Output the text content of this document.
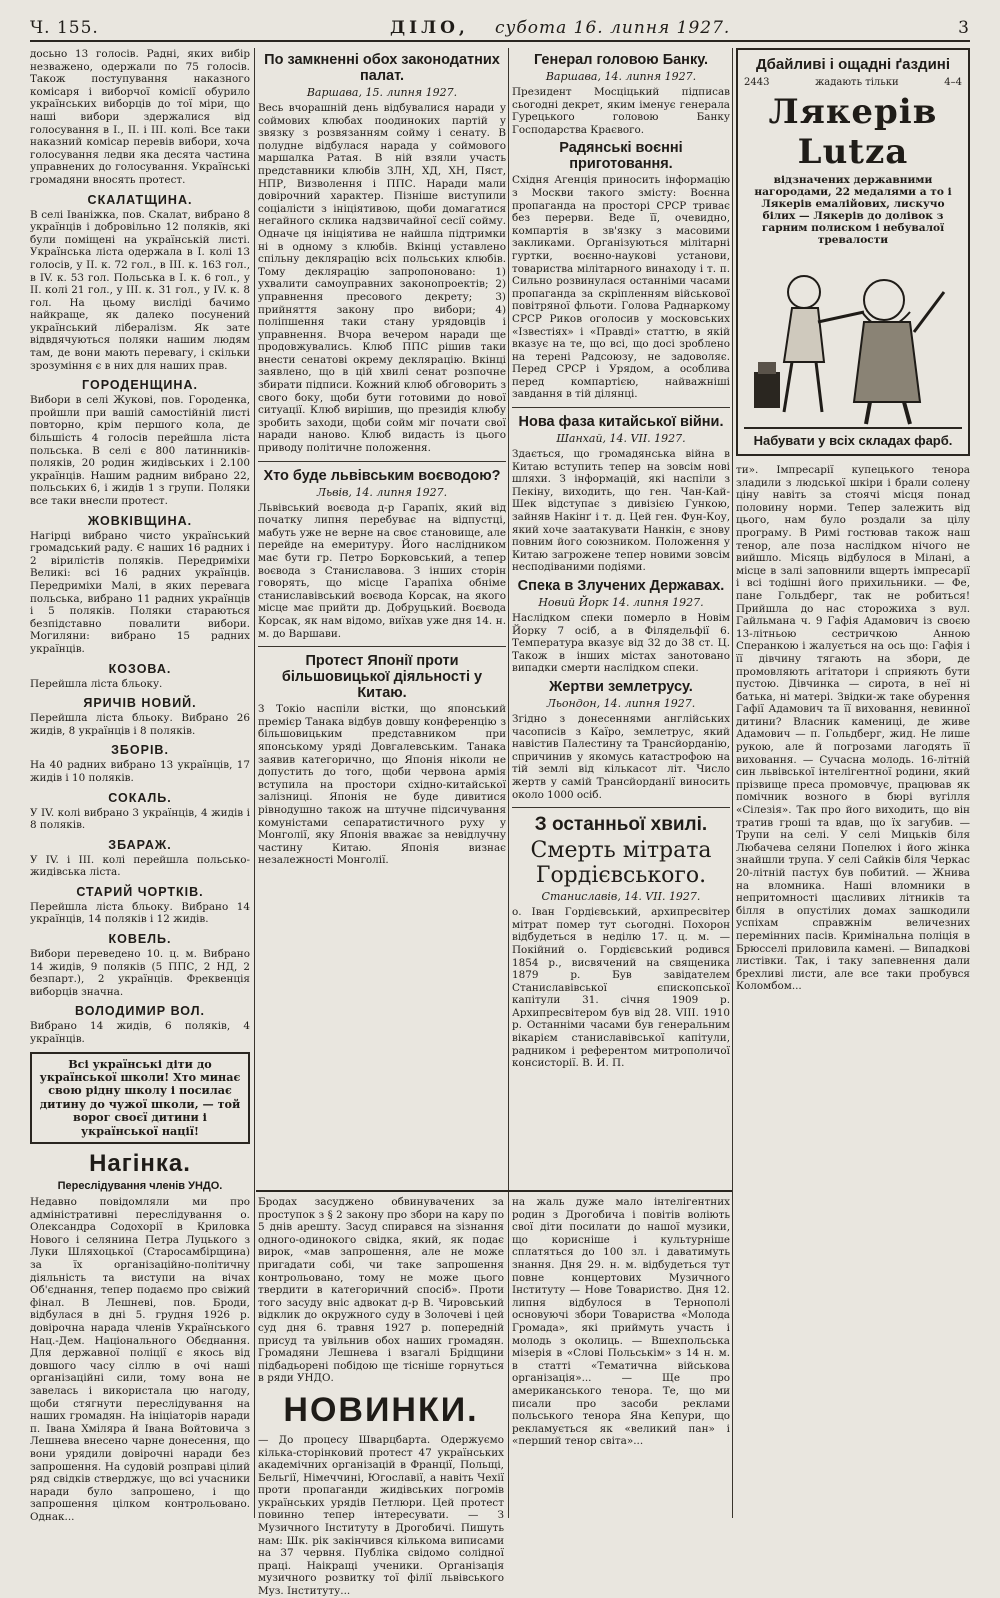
Ч. 155.	ДІЛО, субота 16. липня 1927.	3

досьно 13 голосів. Радні, яких вибір незважено, одержали по 75 голосів. Також поступування наказного комісаря і виборчої комісії обурило українських виборців до тої міри, що наші вибори здержалися від голосування в I., II. і III. колі. Все таки наказний комісар перевів вибори, хоча голосування ледви яка десята частина управнених до голосування. Українські громадяни вносять протест.

СКАЛАТЩИНА.

В селі Іваніжка, пов. Скалат, вибрано 8 українців і добровільно 12 поляків, які були поміщені на українській листі. Українська ліста одержала в I. колі 13 голосів, у II. к. 72 гол., в III. к. 163 гол., в IV. к. 53 гол. Польська в I. к. 6 гол., у II. колі 21 гол., у III. к. 31 гол., у IV. к. 8 гол. На цьому висліді бачимо найкраще, як далеко посунений український лібералізм. Як зате відвдячуються поляки нашим людям там, де вони мають перевагу, і скільки зрозуміння є в них для наших прав.

ГОРОДЕНЩИНА.

Вибори в селі Жукові, пов. Городенка, пройшли при вашій самостійній листі повторно, крім першого кола, де більшість 4 голосів перейшла ліста польська. В селі є 800 латинників-поляків, 20 родин жидівських і 2.100 українців. Нашим радним вибрано 22, польських 6, і жидів 1 з групи. Поляки все таки внесли протест.

ЖОВКІВЩИНА.

Нагірці вибрано чисто український громадський раду. Є наших 16 радних і 2 вірилістів поляків. Передриміхи Великі: всі 16 радних українців. Передриміхи Малі, в яких перевага польська, вибрано 11 радних українців і 5 поляків. Поляки стараються безпідставно повалити вибори. Могиляни: вибрано 15 радних українців.

КОЗОВА.

Перейшла ліста бльоку.

ЯРИЧІВ НОВИЙ.

Перейшла ліста бльоку. Вибрано 26 жидів, 8 українців і 8 поляків.

ЗБОРІВ.

На 40 радних вибрано 13 українців, 17 жидів і 10 поляків.

СОКАЛЬ.

У IV. колі вибрано 3 українців, 4 жидів і 8 поляків.

ЗБАРАЖ.

У IV. і III. колі перейшла польсько-жидівська ліста.

СТАРИЙ ЧОРТКІВ.

Перейшла ліста бльоку. Вибрано 14 українців, 14 поляків і 12 жидів.

КОВЕЛЬ.

Вибори переведено 10. ц. м. Вибрано 14 жидів, 9 поляків (5 ППС, 2 НД, 2 безпарт.), 2 українців. Фреквенція виборців значна.

ВОЛОДИМИР ВОЛ.

Вибрано 14 жидів, 6 поляків, 4 українців.

Всі українські діти до української школи! Хто минає свою рідну школу і посилає дитину до чужої школи, — той ворог своєї дитини і української нації!
Нагінка.
Переслідування членів УНДО.

Недавно повідомляли ми про адміністративні переслідування о. Олександра Содохорії в Криловка Нового і селянина Петра Луцького з Луки Шляхоцької (Старосамбірщина) за їх організаційно-політичну діяльність та виступи на вічах Об'єднання, тепер подаємо про свіжий фінал. В Лешневі, пов. Броди, відбулася в дні 5. грудня 1926 р. довірочна нарада членів Українського Нац.-Дем. Національного Обєднання. Для державної поліції є якось від довшого часу сіллю в очі наші організаційні сили, тому вона не завелась і використала цю нагоду, щоби стягнути переслідування на наших громадян. На ініціаторів наради п. Івана Хміляра й Івана Войтовича з Лешнева внесено чарне донесення, що вони урядили довірочні наради без запрошення. На судовій розправі цілий ряд свідків стверджує, що всі учасники наради було запрошено, і що запрошення цілком контрольовано. Однак...

По замкненні обох законодатних палат.
Варшава, 15. липня 1927.

Весь вчорашній день відбувалися наради у соймових клюбах поодиноких партій у звязку з розвязанням сойму і сенату. В полудне відбулася нарада у соймового маршалка Ратая. В ній взяли участь представники клюбів ЗЛН, ХД, ХН, Пяст, НПР, Визволення і ППС. Наради мали довірочний характер. Пізніше виступили соціалісти з ініціятивою, щоби домагатися негайного склика надзвичайної сесії сойму. Одначе ця ініціятива не найшла підтримки ні в одному з клюбів. Вкінці уставлено спільну деклярацію всіх польських клюбів. Тому деклярацію запропоновано: 1) ухвалити самоуправних законопроектів; 2) управнення пресового декрету; 3) прийняття закону про вибори; 4) поліпшення таки стану урядовців і управнення. Вчора вечером наради ще продовжувались. Клюб ППС рішив таки внести сенатові окрему деклярацію. Вкінці заявлено, що в цій хвилі сенат розпочне збирати підписи. Кожний клюб обговорить з свого боку, щоби бути готовими до нової ситуації. Клюб вирішив, що президія клюбу зробить заходи, щоби сойм міг почати свої наради наново. Клюб видасть із цього приводу політичне положення.

Хто буде львівським воєводою?
Львів, 14. липня 1927.

Львівський воєвода д-р Гарапіх, який від початку липня перебуває на відпустці, мабуть уже не верне на своє становище, але перейде на емеритуру. Його наслідником має бути гр. Петро Борковський, а тепер воєвода з Станиславова. З інших сторін говорять, що місце Гарапіха обніме станиславівський воєвода Корсак, на якого місце має прийти др. Добруцький. Воєвода Корсак, як нам відомо, виїхав уже дня 14. н. м. до Варшави.

Протест Японії проти більшовицької діяльності у Китаю.

З Токіо наспіли вістки, що японський премієр Танака відбув довшу конференцію з більшовицьким представником при японському уряді Довгалевським. Танака заявив категорично, що Японія ніколи не допустить до того, щоби червона армія вступила на простори східно-китайської залізниці. Японія не буде дивитися рівнодушно також на штучне підсичування комуністами сепаратистичного руху у Монголії, яку Японія вважає за невідлучну частину Китаю. Японія визнає незалежності Монголії.

Генерал головою Банку.
Варшава, 14. липня 1927.

Президент Мосціцький підписав сьогодні декрет, яким іменує генерала Гурецького головою Банку Господарства Краєвого.

Радянські воєнні приготовання.

Східня Агенція приносить інформацію з Москви такого змісту: Воєнна пропаганда на просторі СРСР триває без перерви. Веде її, очевидно, компартія в зв'язку з масовими закликами. Організуються мілітарні гуртки, воєнно-наукові установи, товариства мілітарного винаходу і т. п. Сильно розвинулася останніми часами пропаганда за скріпленням військової повітряної фльоти. Голова Раднаркому СРСР Риков оголосив у московських «Ізвестіях» і «Правді» статтю, в якій вказує на те, що всі, що досі зроблено на терені Радсоюзу, не задоволяє. Перед СРСР і Урядом, а особлива перед компартією, найважніші завдання в тій ділянці.

Нова фаза китайської війни.
Шанхай, 14. VII. 1927.

Здається, що громадянська війна в Китаю вступить тепер на зовсім нові шляхи. З інформацій, які наспіли з Пекіну, виходить, що ген. Чан-Кай-Шек відступає з дивізією Гункою, зайняв Накінґ і т. д. Цей ген. Фун-Коу, який хоче заатакувати Нанкін, є знову повним його союзником. Положення у Китаю загрожене тепер новими зовсім несподіваними подіями.

Спека в Злучених Державах.
Новий Йорк 14. липня 1927.

Наслідком спеки померло в Новім Йорку 7 осіб, а в Філядельфії 6. Температура вказує від 32 до 38 ст. Ц. Також в інших містах занотовано випадки смерти наслідком спеки.

Жертви землетрусу.
Льондон, 14. липня 1927.

Згідно з донесеннями англійських часописів з Каїро, землетрус, який навістив Палестину та Трансйорданію, спричинив у якомусь катастрофою на тій землі від кількасот літ. Число жертв у самій Трансйорданії виносить около 1000 осіб.

З останньої хвилі.
Смерть мітрата Гордієвського.
Станиславів, 14. VII. 1927.

о. Іван Гордієвський, архипресвітер мітрат помер тут сьогодні. Похорон відбудеться в неділю 17. ц. м. — Покійний о. Гордієвський родився 1854 р., висвячений на священика 1879 р. Був завідателем Станиславівської єпископської капітули 31. січня 1909 р. Архипресвітером був від 28. VIII. 1910 р. Останніми часами був генеральним вікарієм станиславівської капітули, радником і референтом митрополичої консисторії. В. И. П.

Дбайливі і ощадні ґаздині
2443	жадають тільки	4–4
Лякерів Lutza
відзначених державними нагородами, 22 медалями а то і Лякерів емалійових, лискучо білих — Лякерів до долівок з гарним полиском і небувалої тревалости
Набувати у всіх складах фарб.

ти». Імпресарії купецького тенора зладили з людської шкіри і брали солену ціну навіть за стоячі місця понад половину норми. Тепер залежить від цього, нам було роздали за цілу програму. В Римі гостював також наш тенор, але поза наслідком нічого не вийшло. Місяць відбулося в Мілані, а місце в залі заповнили вщерть імпресарії і всі тодішні його прихильники. — Фе, пане Гольдберг, так не робиться! Прийшла до нас сторожиха з вул. Гайльмана ч. 9 Гафія Адамович із своєю 13-літньою сестричкою Анною Сперанкою і жалується на ось що: Гафія і її дівчину тягають на збори, де промовляють агітатори і сприяють бути пустою. Дівчинка — сирота, в неї ні батька, ні матері. Звідки-ж таке обурення Гафії Адамович та її виховання, невинної дитини? Власник камениці, де живе Адамович — п. Гольдберг, жид. Не лише рукою, але й погрозами лагодять її виховання. — Сучасна молодь. 16-літній син львівської інтелігентної родини, який прізвище преса промовчує, працював як помічник возного в бюрі вугілля «Сілезія». Так про його виходить, що він тратив гроші та вдав, що їх загубив. — Трупи на селі. У селі Мицьків біля Любачева селяни Попелюх і його жінка знайшли трупа. У селі Сайків біля Черкас 20-літній пастух був побитий. — Жнива на вломника. Наші вломники в непритомності щасливих літників та білля в опустілих домах зашкодили успіхам справжнім величезних перемінних пасів. Кримінальна поліція в Брюсселі приловила камені. — Випадкові листівки. Так, і таку запевнення дали брехливі листи, але все таки пробувся Коломбом...

Бродах засуджено обвинувачених за проступок з § 2 закону про збори на кару по 5 днів арешту. Засуд спирався на зізнання одного-одинокого свідка, який, як подає вирок, «мав запрошення, але не може пригадати собі, чи таке запрошення контрольовано, тому не може цього твердити в категоричний спосіб». Проти того засуду вніс адвокат д-р В. Чировський відклик до окружного суду в Золочеві і цей суд дня 6. травня 1927 р. попередній присуд та увільнив обох наших громадян. Громадяни Лешнева і взагалі Брідщини підбадьорені побідою ще тісніше горнуться в ряди УНДО.

НОВИНКИ.

— До процесу Шварцбарта. Одержуємо кілька-сторінковий протест 47 українських академічних організацій в Франції, Польщі, Бельгії, Німеччині, Югославії, а навіть Чехії проти пропаганди жидівських погромів українських урядів Петлюри. Цей протест повинно тепер інтересувати. — З Музичного Інституту в Дрогобичі. Пишуть нам: Шк. рік закінчився кількома виписами на 37 червня. Публіка свідомо солідної праці. Наікращі ученики. Організація музичного розвитку тої філії львівського Муз. Інституту...

на жаль дуже мало інтелігентних родин з Дрогобича і повітів воліють свої діти посилати до нашої музики, що корисніше і культурніше сплатяться до 100 зл. і даватимуть знання. Дня 29. н. м. відбудеться тут повне концертових Музичного Інституту — Нове Товариство. Дня 12. липня відбулося в Тернополі основуючі збори Товариства «Молода Громада», які приймуть участь і молодь з околиць. — Вшехпольська мізерія в «Слові Польськім» з 14 н. м. в статті «Тематична військова організація»... — Ще про американського тенора. Те, що ми писали про засоби реклами польського тенора Яна Кепури, що рекламується як «великий пан» і «перший тенор світа»...
